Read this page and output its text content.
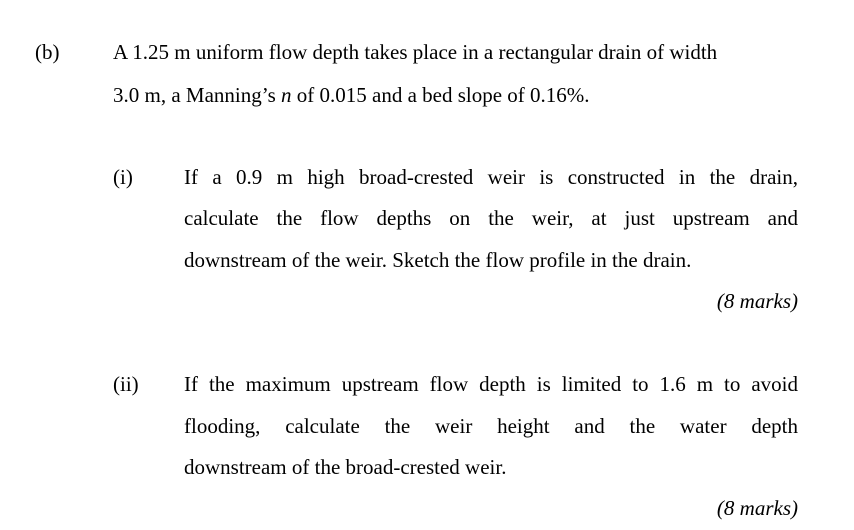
(b)	A 1.25 m uniform flow depth takes place in a rectangular drain of width
3.0 m, a Manning’s n of 0.015 and a bed slope of 0.16%.
(i) If a 0.9 m high broad-crested weir is constructed in the drain,
calculate the flow depths on the weir, at just upstream and
downstream of the weir. Sketch the flow profile in the drain.
(8 marks)
(ii) If the maximum upstream flow depth is limited to 1.6 m to avoid
flooding, calculate the weir height and the water depth
downstream of the broad-crested weir.
(8 marks)
